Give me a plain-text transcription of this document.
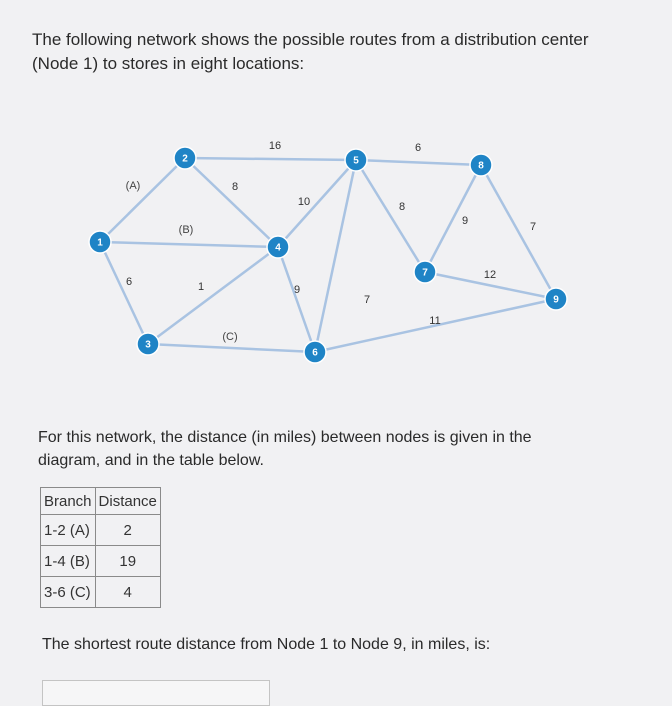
The following network shows the possible routes from a distribution center (Node 1) to stores in eight locations:

(A)
(B)
6
16
8
1
(C)
10
9
7
8
6
9
12
11
7
1
2
3
4
5
6
7
8
9

For this network, the distance (in miles) between nodes is given in the diagram, and in the table below.

Branch	Distance
1-2 (A)	2
1-4 (B)	19
3-6 (C)	4

The shortest route distance from Node 1 to Node 9, in miles, is:
